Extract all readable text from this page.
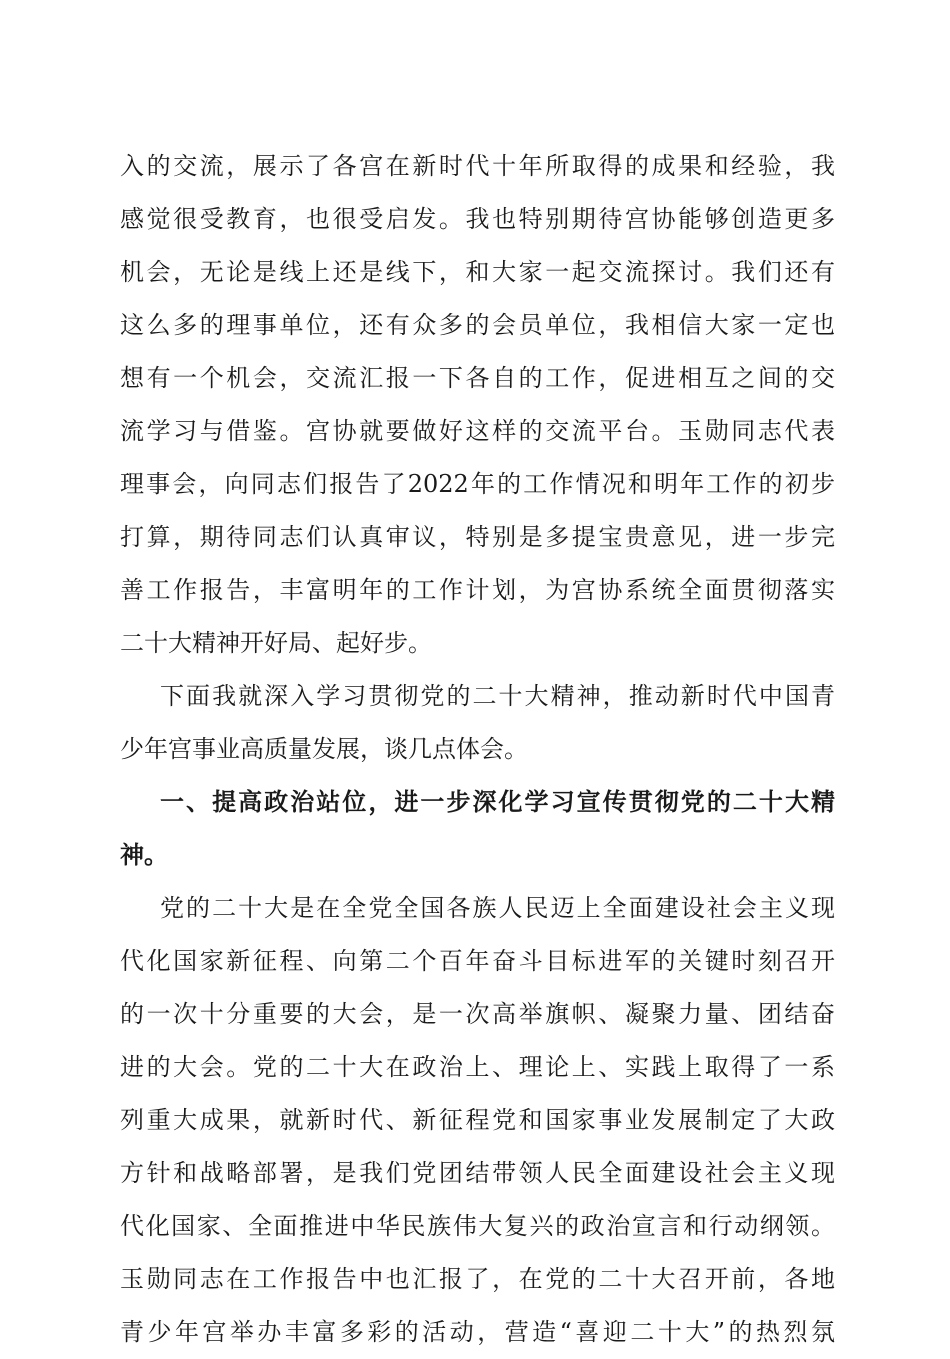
入的交流，展示了各宫在新时代十年所取得的成果和经验，我
感觉很受教育，也很受启发。我也特别期待宫协能够创造更多
机会，无论是线上还是线下，和大家一起交流探讨。我们还有
这么多的理事单位，还有众多的会员单位，我相信大家一定也
想有一个机会，交流汇报一下各自的工作，促进相互之间的交
流学习与借鉴。宫协就要做好这样的交流平台。玉勋同志代表
理事会，向同志们报告了2022年的工作情况和明年工作的初步
打算，期待同志们认真审议，特别是多提宝贵意见，进一步完
善工作报告，丰富明年的工作计划，为宫协系统全面贯彻落实
二十大精神开好局、起好步。
下面我就深入学习贯彻党的二十大精神，推动新时代中国青
少年宫事业高质量发展，谈几点体会。
一、提高政治站位，进一步深化学习宣传贯彻党的二十大精
神。
党的二十大是在全党全国各族人民迈上全面建设社会主义现
代化国家新征程、向第二个百年奋斗目标进军的关键时刻召开
的一次十分重要的大会，是一次高举旗帜、凝聚力量、团结奋
进的大会。党的二十大在政治上、理论上、实践上取得了一系
列重大成果，就新时代、新征程党和国家事业发展制定了大政
方针和战略部署，是我们党团结带领人民全面建设社会主义现
代化国家、全面推进中华民族伟大复兴的政治宣言和行动纲领。
玉勋同志在工作报告中也汇报了，在党的二十大召开前，各地
青少年宫举办丰富多彩的活动，营造“喜迎二十大”的热烈氛
